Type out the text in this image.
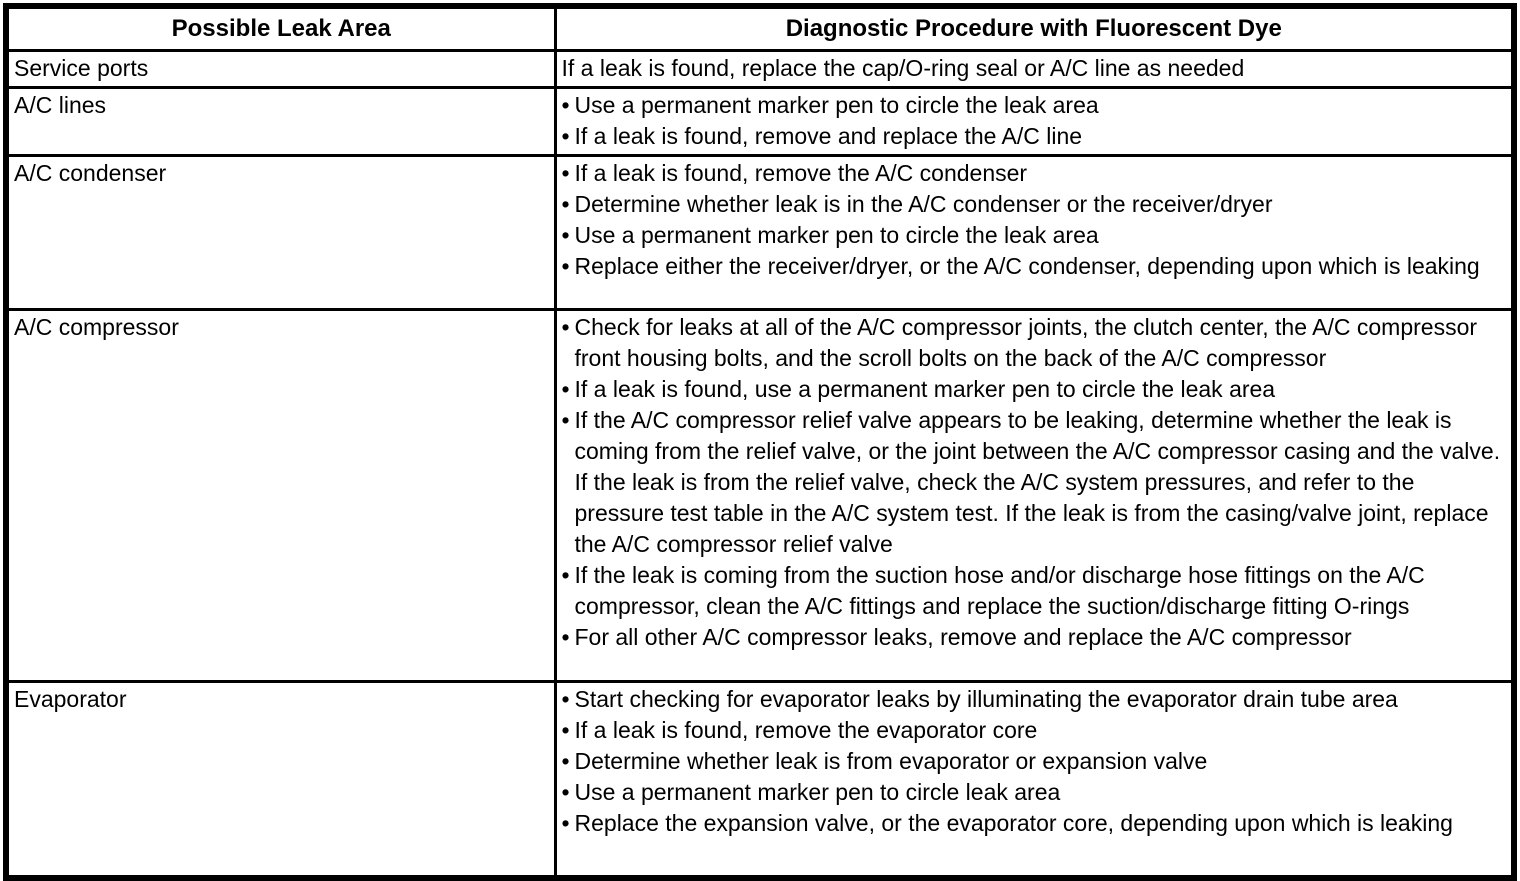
Possible Leak Area	Diagnostic Procedure with Fluorescent Dye
Service ports	If a leak is found, replace the cap/O-ring seal or A/C line as needed

A/C lines	• Use a permanent marker pen to circle the leak area
• If a leak is found, remove and replace the A/C line

A/C condenser	• If a leak is found, remove the A/C condenser
• Determine whether leak is in the A/C condenser or the receiver/dryer
• Use a permanent marker pen to circle the leak area
• Replace either the receiver/dryer, or the A/C condenser, depending upon which is leaking

A/C compressor	• Check for leaks at all of the A/C compressor joints, the clutch center, the A/C compressor front housing bolts, and the scroll bolts on the back of the A/C compressor
• If a leak is found, use a permanent marker pen to circle the leak area
• If the A/C compressor relief valve appears to be leaking, determine whether the leak is coming from the relief valve, or the joint between the A/C compressor casing and the valve. If the leak is from the relief valve, check the A/C system pressures, and refer to the pressure test table in the A/C system test. If the leak is from the casing/valve joint, replace the A/C compressor relief valve
• If the leak is coming from the suction hose and/or discharge hose fittings on the A/C compressor, clean the A/C fittings and replace the suction/discharge fitting O-rings
• For all other A/C compressor leaks, remove and replace the A/C compressor

Evaporator	• Start checking for evaporator leaks by illuminating the evaporator drain tube area
• If a leak is found, remove the evaporator core
• Determine whether leak is from evaporator or expansion valve
• Use a permanent marker pen to circle leak area
• Replace the expansion valve, or the evaporator core, depending upon which is leaking
